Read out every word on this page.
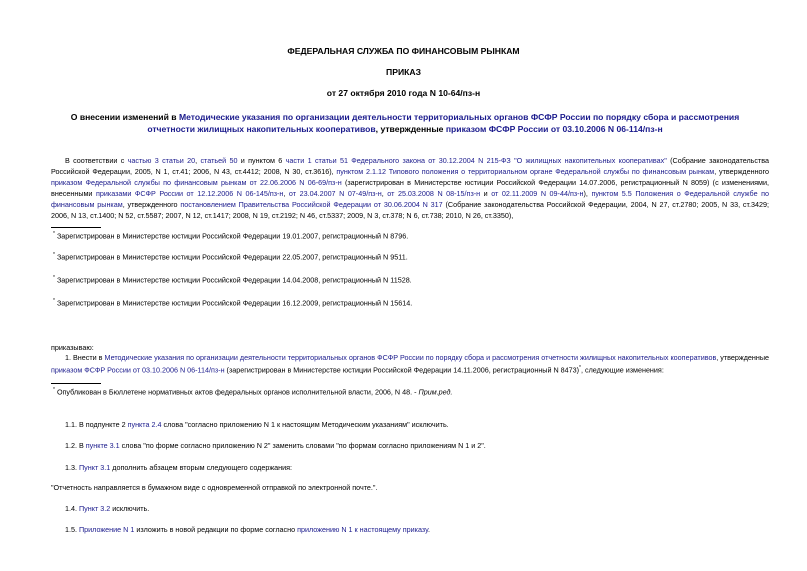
ФЕДЕРАЛЬНАЯ СЛУЖБА ПО ФИНАНСОВЫМ РЫНКАМ
ПРИКАЗ
от 27 октября 2010 года N 10-64/пз-н
О внесении изменений в Методические указания по организации деятельности территориальных органов ФСФР России по порядку сбора и рассмотрения отчетности жилищных накопительных кооперативов, утвержденные приказом ФСФР России от 03.10.2006 N 06-114/пз-н
В соответствии с частью 3 статьи 20, статьей 50 и пунктом 6 части 1 статьи 51 Федерального закона от 30.12.2004 N 215-ФЗ "О жилищных накопительных кооперативах" (Собрание законодательства Российской Федерации, 2005, N 1, ст.41; 2006, N 43, ст.4412; 2008, N 30, ст.3616), пунктом 2.1.12 Типового положения о территориальном органе Федеральной службы по финансовым рынкам, утвержденного приказом Федеральной службы по финансовым рынкам от 22.06.2006 N 06-69/пз-н (зарегистрирован в Министерстве юстиции Российской Федерации 14.07.2006, регистрационный N 8059) (с изменениями, внесенными приказами ФСФР России от 12.12.2006 N 06-145/пз-н, от 23.04.2007 N 07-49/пз-н, от 25.03.2008 N 08-15/пз-н и от 02.11.2009 N 09-44/пз-н), пунктом 5.5 Положения о Федеральной службе по финансовым рынкам, утвержденного постановлением Правительства Российской Федерации от 30.06.2004 N 317 (Собрание законодательства Российской Федерации, 2004, N 27, ст.2780; 2005, N 33, ст.3429; 2006, N 13, ст.1400; N 52, ст.5587; 2007, N 12, ст.1417; 2008, N 19, ст.2192; N 46, ст.5337; 2009, N 3, ст.378; N 6, ст.738; 2010, N 26, ст.3350),
* Зарегистрирован в Министерстве юстиции Российской Федерации 19.01.2007, регистрационный N 8796.
* Зарегистрирован в Министерстве юстиции Российской Федерации 22.05.2007, регистрационный N 9511.
* Зарегистрирован в Министерстве юстиции Российской Федерации 14.04.2008, регистрационный N 11528.
* Зарегистрирован в Министерстве юстиции Российской Федерации 16.12.2009, регистрационный N 15614.
приказываю:
1. Внести в Методические указания по организации деятельности территориальных органов ФСФР России по порядку сбора и рассмотрения отчетности жилищных накопительных кооперативов, утвержденные приказом ФСФР России от 03.10.2006 N 06-114/пз-н (зарегистрирован в Министерстве юстиции Российской Федерации 14.11.2006, регистрационный N 8473)*, следующие изменения:
* Опубликован в Бюллетене нормативных актов федеральных органов исполнительной власти, 2006, N 48. - Прим.ред.
1.1. В подпункте 2 пункта 2.4 слова "согласно приложению N 1 к настоящим Методическим указаниям" исключить.
1.2. В пункте 3.1 слова "по форме согласно приложению N 2" заменить словами "по формам согласно приложениям N 1 и 2".
1.3. Пункт 3.1 дополнить абзацем вторым следующего содержания:
"Отчетность направляется в бумажном виде с одновременной отправкой по электронной почте.".
1.4. Пункт 3.2 исключить.
1.5. Приложение N 1 изложить в новой редакции по форме согласно приложению N 1 к настоящему приказу.
